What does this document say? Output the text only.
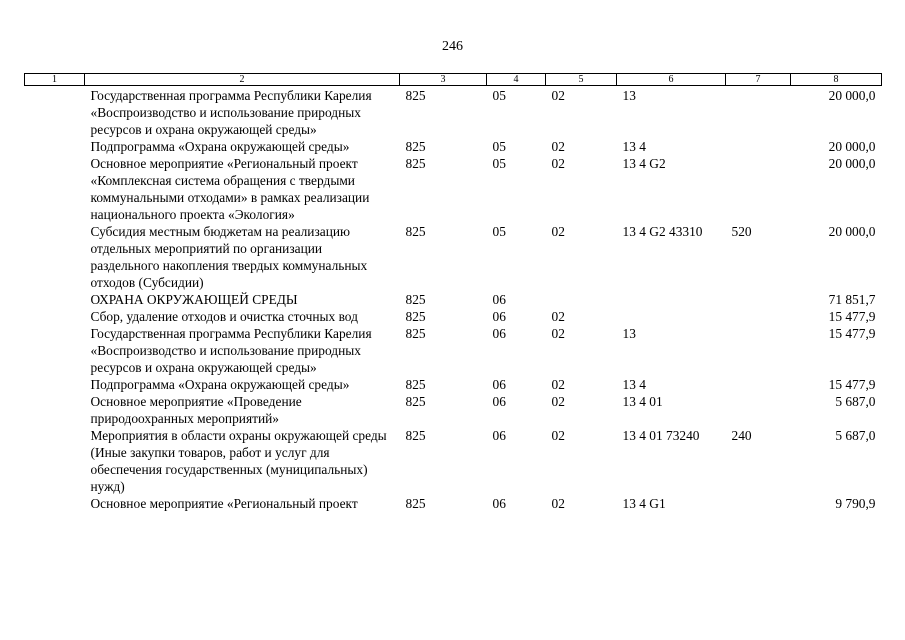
246
1	2	3	4	5	6	7	8
	Государственная программа Республики Карелия «Воспроизводство и использование природных ресурсов и охрана окружающей среды»	825	05	02	13		20 000,0
	Подпрограмма «Охрана окружающей среды»	825	05	02	13 4		20 000,0
	Основное мероприятие «Региональный проект «Комплексная система обращения с твердыми коммунальными отходами» в рамках реализации национального проекта «Экология»	825	05	02	13 4 G2		20 000,0
	Субсидия местным бюджетам на реализацию отдельных мероприятий по организации раздельного накопления твердых коммунальных отходов (Субсидии)	825	05	02	13 4 G2 43310	520	20 000,0
	ОХРАНА ОКРУЖАЮЩЕЙ СРЕДЫ	825	06				71 851,7
	Сбор, удаление отходов и очистка сточных вод	825	06	02			15 477,9
	Государственная программа Республики Карелия «Воспроизводство и использование природных ресурсов и охрана окружающей среды»	825	06	02	13		15 477,9
	Подпрограмма «Охрана окружающей среды»	825	06	02	13 4		15 477,9
	Основное мероприятие «Проведение природоохранных мероприятий»	825	06	02	13 4 01		5 687,0
	Мероприятия в области охраны окружающей среды (Иные закупки товаров, работ и услуг для обеспечения государственных (муниципальных) нужд)	825	06	02	13 4 01 73240	240	5 687,0
	Основное мероприятие «Региональный проект	825	06	02	13 4 G1		9 790,9
